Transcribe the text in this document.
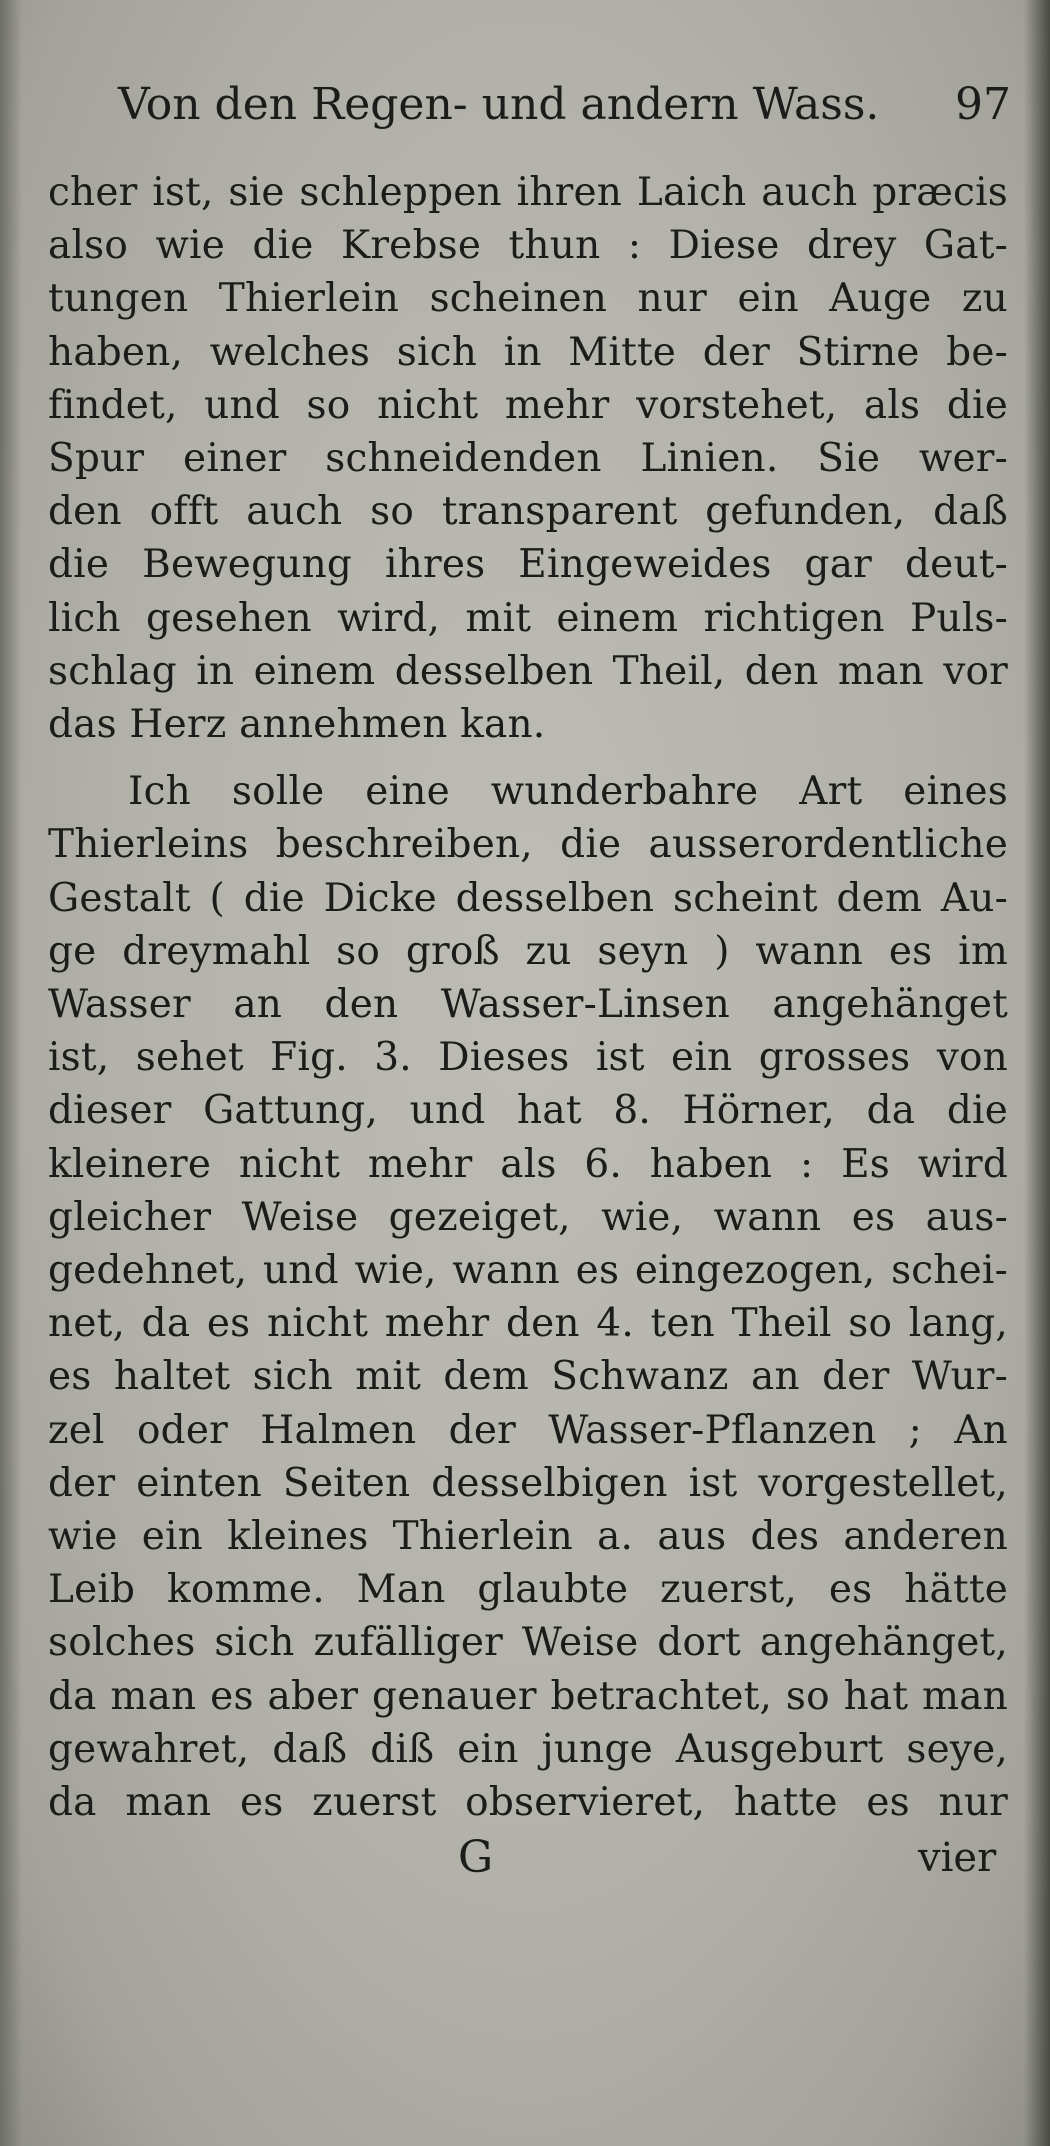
Von den Regen- und andern Wass.	97
cher ist, sie schleppen ihren Laich auch præcis
also wie die Krebse thun : Diese drey Gat-
tungen Thierlein scheinen nur ein Auge zu
haben, welches sich in Mitte der Stirne be-
findet, und so nicht mehr vorstehet, als die
Spur einer schneidenden Linien. Sie wer-
den offt auch so transparent gefunden, daß
die Bewegung ihres Eingeweides gar deut-
lich gesehen wird, mit einem richtigen Puls-
schlag in einem desselben Theil, den man vor
das Herz annehmen kan.
Ich solle eine wunderbahre Art eines
Thierleins beschreiben, die ausserordentliche
Gestalt ( die Dicke desselben scheint dem Au-
ge dreymahl so groß zu seyn ) wann es im
Wasser an den Wasser-Linsen angehänget
ist, sehet Fig. 3. Dieses ist ein grosses von
dieser Gattung, und hat 8. Hörner, da die
kleinere nicht mehr als 6. haben : Es wird
gleicher Weise gezeiget, wie, wann es aus-
gedehnet, und wie, wann es eingezogen, schei-
net, da es nicht mehr den 4. ten Theil so lang,
es haltet sich mit dem Schwanz an der Wur-
zel oder Halmen der Wasser-Pflanzen ; An
der einten Seiten desselbigen ist vorgestellet,
wie ein kleines Thierlein a. aus des anderen
Leib komme. Man glaubte zuerst, es hätte
solches sich zufälliger Weise dort angehänget,
da man es aber genauer betrachtet, so hat man
gewahret, daß diß ein junge Ausgeburt seye,
da man es zuerst observieret, hatte es nur
G	vier
